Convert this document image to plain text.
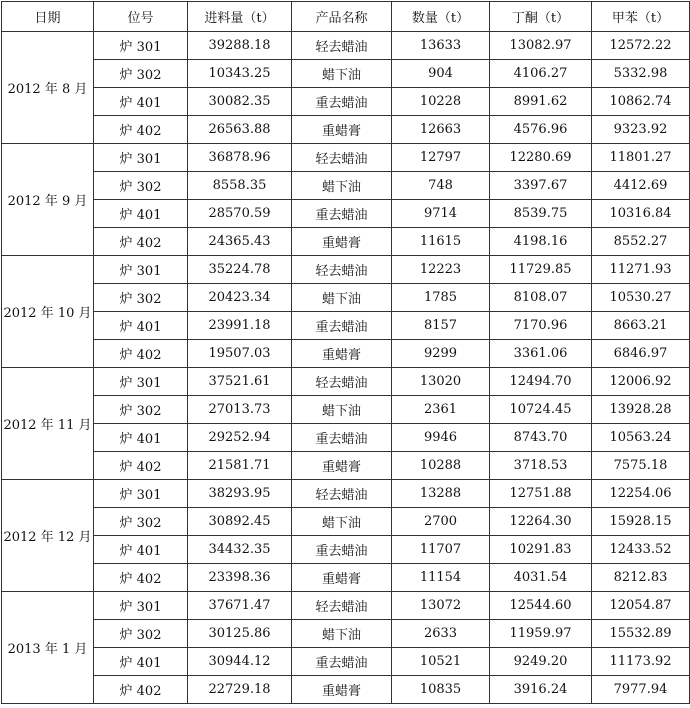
日期	位号	进料量（t）	产品名称	数量（t）	丁酮（t）	甲苯（t）
2012 年 8 月	炉 301	39288.18	轻去蜡油	13633	13082.97	12572.22
	炉 302	10343.25	蜡下油	904	4106.27	5332.98
	炉 401	30082.35	重去蜡油	10228	8991.62	10862.74
	炉 402	26563.88	重蜡膏	12663	4576.96	9323.92
2012 年 9 月	炉 301	36878.96	轻去蜡油	12797	12280.69	11801.27
	炉 302	8558.35	蜡下油	748	3397.67	4412.69
	炉 401	28570.59	重去蜡油	9714	8539.75	10316.84
	炉 402	24365.43	重蜡膏	11615	4198.16	8552.27
2012 年 10 月	炉 301	35224.78	轻去蜡油	12223	11729.85	11271.93
	炉 302	20423.34	蜡下油	1785	8108.07	10530.27
	炉 401	23991.18	重去蜡油	8157	7170.96	8663.21
	炉 402	19507.03	重蜡膏	9299	3361.06	6846.97
2012 年 11 月	炉 301	37521.61	轻去蜡油	13020	12494.70	12006.92
	炉 302	27013.73	蜡下油	2361	10724.45	13928.28
	炉 401	29252.94	重去蜡油	9946	8743.70	10563.24
	炉 402	21581.71	重蜡膏	10288	3718.53	7575.18
2012 年 12 月	炉 301	38293.95	轻去蜡油	13288	12751.88	12254.06
	炉 302	30892.45	蜡下油	2700	12264.30	15928.15
	炉 401	34432.35	重去蜡油	11707	10291.83	12433.52
	炉 402	23398.36	重蜡膏	11154	4031.54	8212.83
2013 年 1 月	炉 301	37671.47	轻去蜡油	13072	12544.60	12054.87
	炉 302	30125.86	蜡下油	2633	11959.97	15532.89
	炉 401	30944.12	重去蜡油	10521	9249.20	11173.92
	炉 402	22729.18	重蜡膏	10835	3916.24	7977.94
